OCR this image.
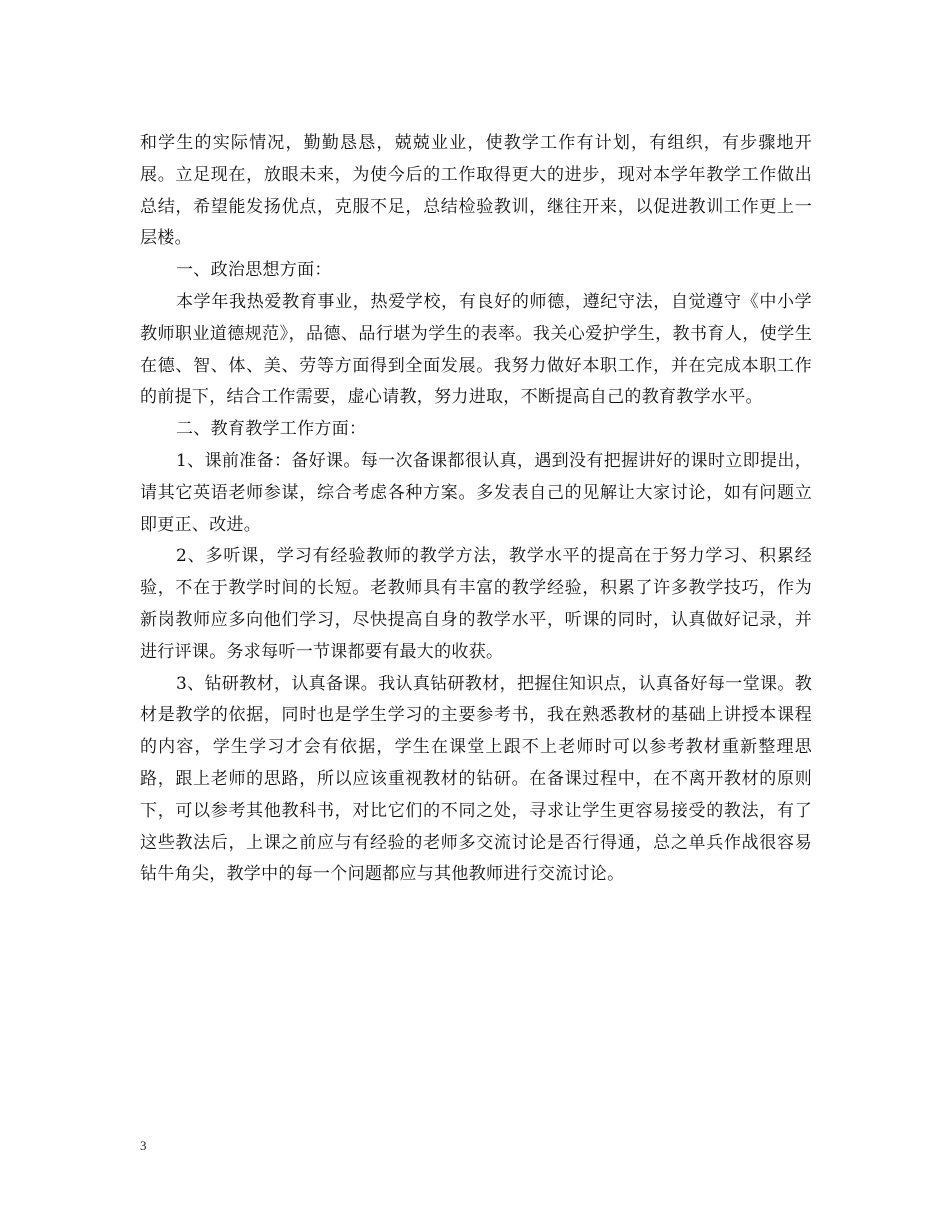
和学生的实际情况，勤勤恳恳，兢兢业业，使教学工作有计划，有组织，有步骤地开展。立足现在，放眼未来，为使今后的工作取得更大的进步，现对本学年教学工作做出总结，希望能发扬优点，克服不足，总结检验教训，继往开来，以促进教训工作更上一层楼。

一、政治思想方面：

本学年我热爱教育事业，热爱学校，有良好的师德，遵纪守法，自觉遵守《中小学教师职业道德规范》，品德、品行堪为学生的表率。我关心爱护学生，教书育人，使学生在德、智、体、美、劳等方面得到全面发展。我努力做好本职工作，并在完成本职工作的前提下，结合工作需要，虚心请教，努力进取，不断提高自己的教育教学水平。

二、教育教学工作方面：

1、课前准备：备好课。每一次备课都很认真，遇到没有把握讲好的课时立即提出，请其它英语老师参谋，综合考虑各种方案。多发表自己的见解让大家讨论，如有问题立即更正、改进。

2、多听课，学习有经验教师的教学方法，教学水平的提高在于努力学习、积累经验，不在于教学时间的长短。老教师具有丰富的教学经验，积累了许多教学技巧，作为新岗教师应多向他们学习，尽快提高自身的教学水平，听课的同时，认真做好记录，并进行评课。务求每听一节课都要有最大的收获。

3、钻研教材，认真备课。我认真钻研教材，把握住知识点，认真备好每一堂课。教材是教学的依据，同时也是学生学习的主要参考书，我在熟悉教材的基础上讲授本课程的内容，学生学习才会有依据，学生在课堂上跟不上老师时可以参考教材重新整理思路，跟上老师的思路，所以应该重视教材的钻研。在备课过程中，在不离开教材的原则下，可以参考其他教科书，对比它们的不同之处，寻求让学生更容易接受的教法，有了这些教法后，上课之前应与有经验的老师多交流讨论是否行得通，总之单兵作战很容易钻牛角尖，教学中的每一个问题都应与其他教师进行交流讨论。

3
